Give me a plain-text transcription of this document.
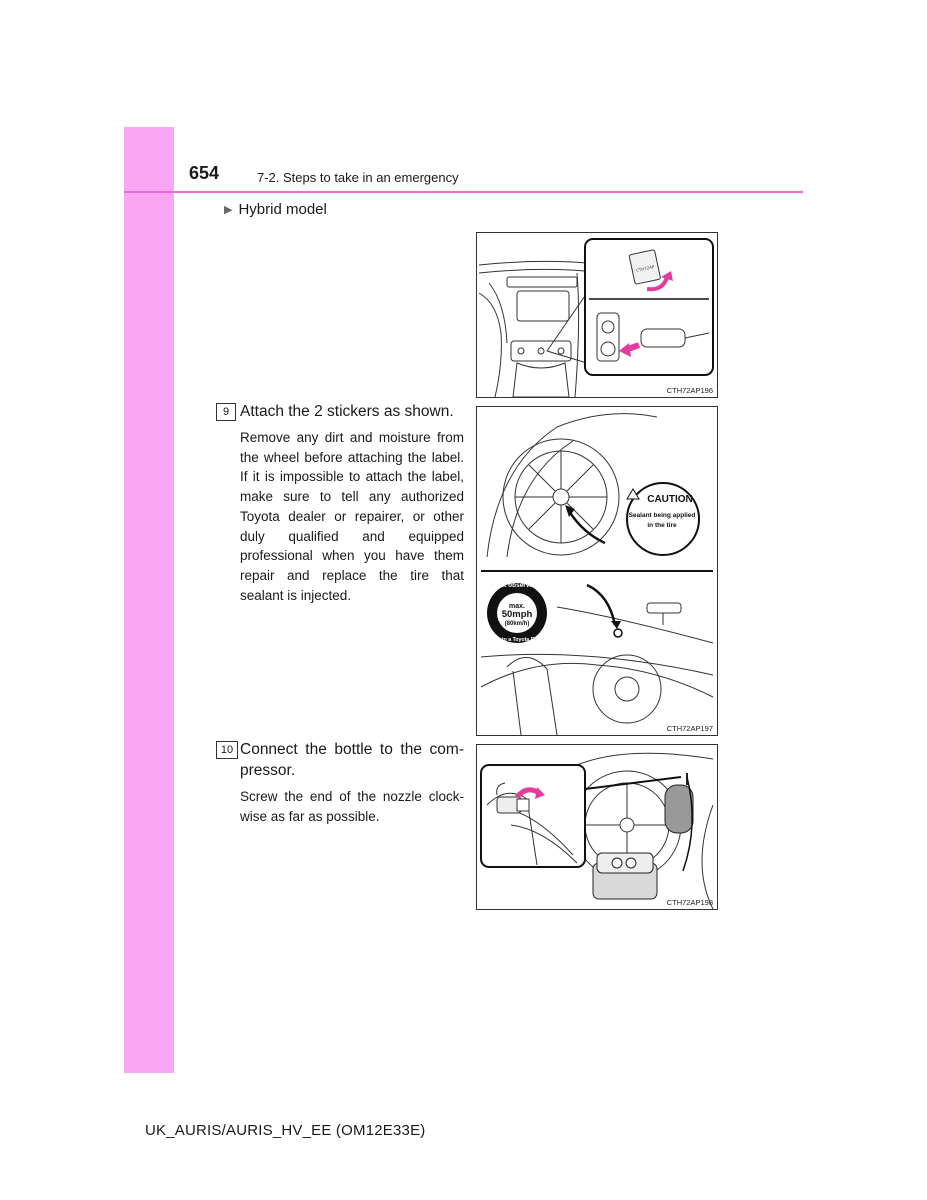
654	7-2. Steps to take in an emergency
▶ Hybrid model
CTH72AP
CTH72AP196
9 Attach the 2 stickers as shown.
Remove any dirt and moisture from the wheel before attaching the label. If it is impossible to attach the label, make sure to tell any authorized Toyota dealer or repairer, or other duly qualified and equipped professional when you have them repair and replace the tire that sealant is injected.
CAUTION
Sealant being applied
in the tire
Strict observance
max.
50mph
(80km/h)
Drive to a Toyota Dealer
CTH72AP197
10 Connect the bottle to the com-pressor.
Screw the end of the nozzle clock-wise as far as possible.
CTH72AP198
UK_AURIS/AURIS_HV_EE (OM12E33E)
